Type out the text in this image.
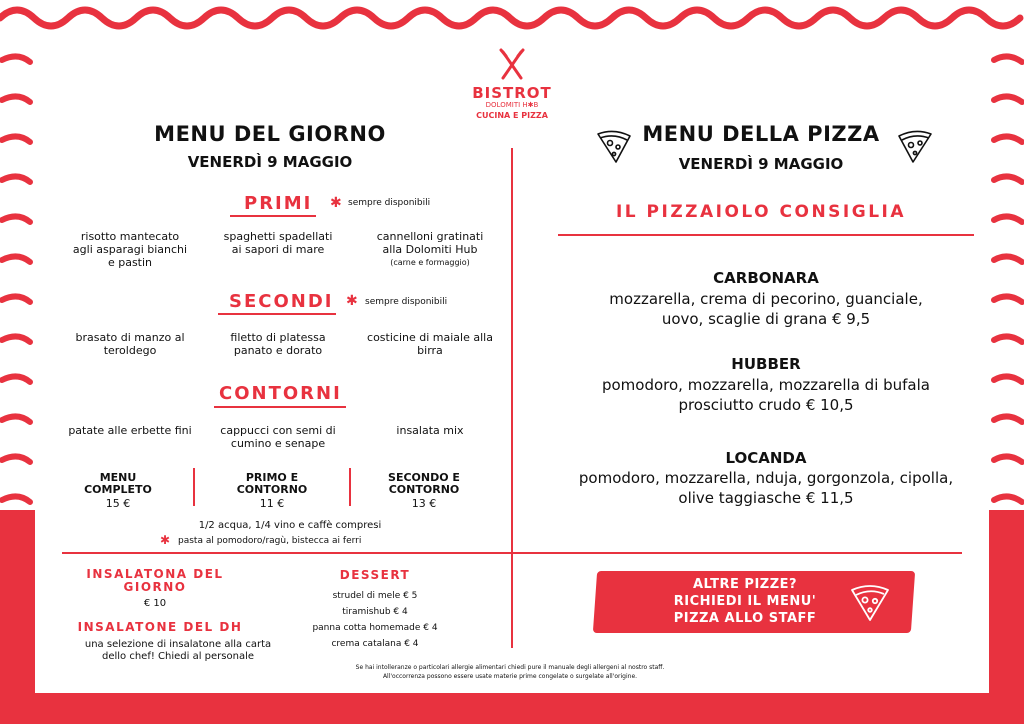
BISTROT
DOLOMITI H✱B
CUCINA E PIZZA
MENU DEL GIORNO
VENERDÌ 9 MAGGIO
PRIMI ✱ sempre disponibili
risotto mantecato agli asparagi bianchi e pastin
spaghetti spadellati ai sapori di mare
cannelloni gratinati alla Dolomiti Hub
(carne e formaggio)
SECONDI ✱ sempre disponibili
brasato di manzo al teroldego
filetto di platessa panato e dorato
costicine di maiale alla birra
CONTORNI
patate alle erbette fini	cappucci con semi di cumino e senape
insalata mix
MENU COMPLETO
15 €
PRIMO E CONTORNO
11 €
SECONDO E CONTORNO
13 €
1/2 acqua, 1/4 vino e caffè compresi
✱ pasta al pomodoro/ragù, bistecca ai ferri
INSALATONA DEL GIORNO
€ 10
INSALATONE DEL DH
una selezione di insalatone alla carta dello chef! Chiedi al personale
DESSERT
strudel di mele € 5
tiramishub € 4
panna cotta homemade € 4
crema catalana € 4
Se hai intolleranze o particolari allergie alimentari chiedi pure il manuale degli allergeni al nostro staff.
All'occorrenza possono essere usate materie prime congelate o surgelate all'origine.
MENU DELLA PIZZA
VENERDÌ 9 MAGGIO
IL PIZZAIOLO CONSIGLIA
CARBONARA
mozzarella, crema di pecorino, guanciale,
uovo, scaglie di grana € 9,5
HUBBER
pomodoro, mozzarella, mozzarella di bufala
prosciutto crudo € 10,5
LOCANDA
pomodoro, mozzarella, nduja, gorgonzola, cipolla,
olive taggiasche € 11,5
ALTRE PIZZE?
RICHIEDI IL MENU'
PIZZA ALLO STAFF
